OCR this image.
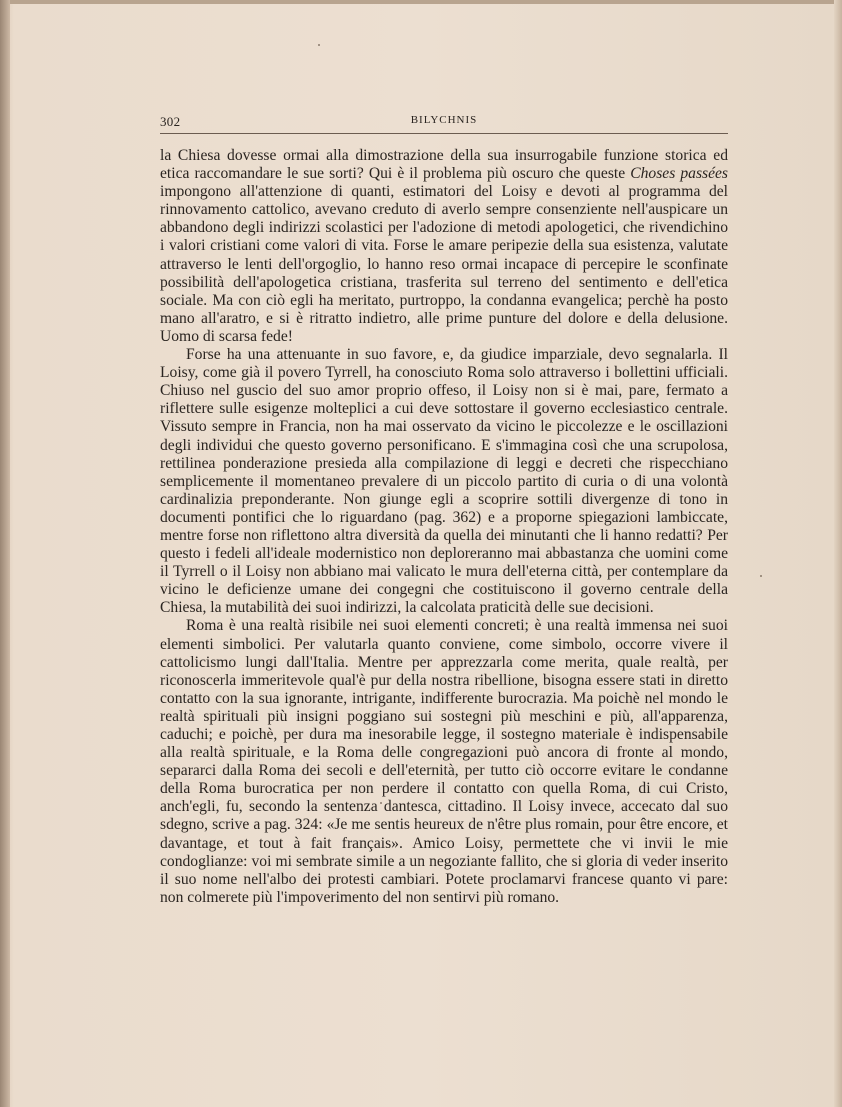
302	BILYCHNIS

la Chiesa dovesse ormai alla dimostrazione della sua insurrogabile funzione storica ed etica raccomandare le sue sorti? Qui è il problema più oscuro che queste Choses passées impongono all'attenzione di quanti, estimatori del Loisy e devoti al programma del rinnovamento cattolico, avevano creduto di averlo sempre consenziente nell'auspicare un abbandono degli indirizzi scolastici per l'adozione di metodi apologetici, che rivendichino i valori cristiani come valori di vita. Forse le amare peripezie della sua esistenza, valutate attraverso le lenti dell'orgoglio, lo hanno reso ormai incapace di percepire le sconfinate possibilità dell'apologetica cristiana, trasferita sul terreno del sentimento e dell'etica sociale. Ma con ciò egli ha meritato, purtroppo, la condanna evangelica; perchè ha posto mano all'aratro, e si è ritratto indietro, alle prime punture del dolore e della delusione. Uomo di scarsa fede!

Forse ha una attenuante in suo favore, e, da giudice imparziale, devo segnalarla. Il Loisy, come già il povero Tyrrell, ha conosciuto Roma solo attraverso i bollettini ufficiali. Chiuso nel guscio del suo amor proprio offeso, il Loisy non si è mai, pare, fermato a riflettere sulle esigenze molteplici a cui deve sottostare il governo ecclesiastico centrale. Vissuto sempre in Francia, non ha mai osservato da vicino le piccolezze e le oscillazioni degli individui che questo governo personificano. E s'immagina così che una scrupolosa, rettilinea ponderazione presieda alla compilazione di leggi e decreti che rispecchiano semplicemente il momentaneo prevalere di un piccolo partito di curia o di una volontà cardinalizia preponderante. Non giunge egli a scoprire sottili divergenze di tono in documenti pontifici che lo riguardano (pag. 362) e a proporne spiegazioni lambiccate, mentre forse non riflettono altra diversità da quella dei minutanti che li hanno redatti? Per questo i fedeli all'ideale modernistico non deploreranno mai abbastanza che uomini come il Tyrrell o il Loisy non abbiano mai valicato le mura dell'eterna città, per contemplare da vicino le deficienze umane dei congegni che costituiscono il governo centrale della Chiesa, la mutabilità dei suoi indirizzi, la calcolata praticità delle sue decisioni.

Roma è una realtà risibile nei suoi elementi concreti; è una realtà immensa nei suoi elementi simbolici. Per valutarla quanto conviene, come simbolo, occorre vivere il cattolicismo lungi dall'Italia. Mentre per apprezzarla come merita, quale realtà, per riconoscerla immeritevole qual'è pur della nostra ribellione, bisogna essere stati in diretto contatto con la sua ignorante, intrigante, indifferente burocrazia. Ma poichè nel mondo le realtà spirituali più insigni poggiano sui sostegni più meschini e più, all'apparenza, caduchi; e poichè, per dura ma inesorabile legge, il sostegno materiale è indispensabile alla realtà spirituale, e la Roma delle congregazioni può ancora di fronte al mondo, separarci dalla Roma dei secoli e dell'eternità, per tutto ciò occorre evitare le condanne della Roma burocratica per non perdere il contatto con quella Roma, di cui Cristo, anch'egli, fu, secondo la sentenza dantesca, cittadino. Il Loisy invece, accecato dal suo sdegno, scrive a pag. 324: «Je me sentis heureux de n'être plus romain, pour être encore, et davantage, et tout à fait français». Amico Loisy, permettete che vi invii le mie condoglianze: voi mi sembrate simile a un negoziante fallito, che si gloria di veder inserito il suo nome nell'albo dei protesti cambiari. Potete proclamarvi francese quanto vi pare: non colmerete più l'impoverimento del non sentirvi più romano.
